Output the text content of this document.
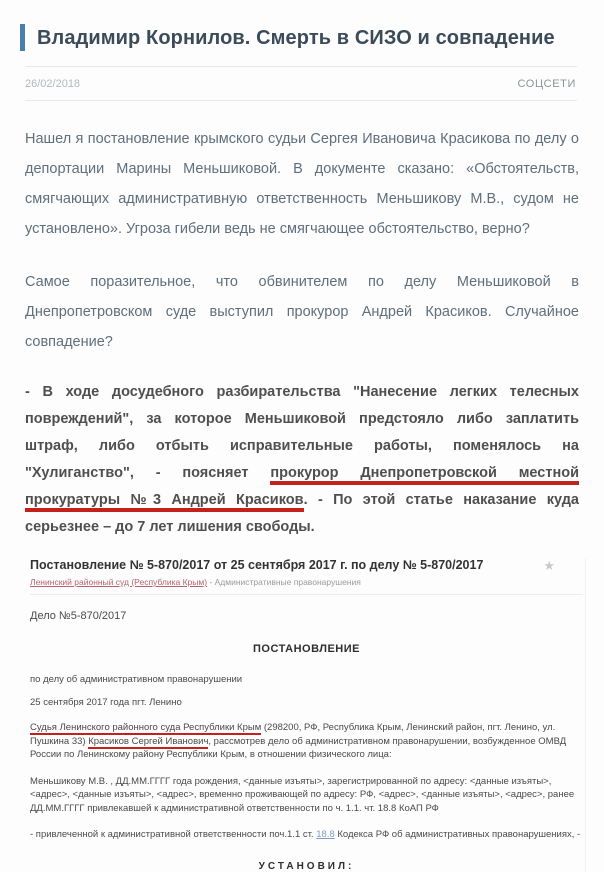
Владимир Корнилов. Смерть в СИЗО и совпадение
26/02/2018	СОЦСЕТИ

Нашел я постановление крымского судьи Сергея Ивановича Красикова по делу о депортации Марины Меньшиковой. В документе сказано: «Обстоятельств, смягчающих административную ответственность Меньшикову М.В., судом не установлено». Угроза гибели ведь не смягчающее обстоятельство, верно?

Самое поразительное, что обвинителем по делу Меньшиковой в Днепропетровском суде выступил прокурор Андрей Красиков. Случайное совпадение?

- В ходе досудебного разбирательства "Нанесение легких телесных повреждений", за которое Меньшиковой предстояло либо заплатить штраф, либо отбыть исправительные работы, поменялось на "Хулиганство", - поясняет прокурор Днепропетровской местной прокуратуры №3 Андрей Красиков. - По этой статье наказание куда серьезнее – до 7 лет лишения свободы.
Постановление № 5-870/2017 от 25 сентября 2017 г. по делу № 5-870/2017	★
Ленинский районный суд (Республика Крым) - Административные правонарушения
Дело №5-870/2017
ПОСТАНОВЛЕНИЕ
по делу об административном правонарушении
25 сентября 2017 года пгт. Ленино
Судья Ленинского районного суда Республики Крым (298200, РФ, Республика Крым, Ленинский район, пгт. Ленино, ул. Пушкина 33) Красиков Сергей Иванович, рассмотрев дело об административном правонарушении, возбужденное ОМВД России по Ленинскому району Республики Крым, в отношении физического лица:
Меньшикову М.В. , ДД.ММ.ГГГГ года рождения, <данные изъяты>, зарегистрированной по адресу: <данные изъяты>, <адрес>, <данные изъяты>, <адрес>, временно проживающей по адресу: РФ, <адрес>, <данные изъяты>, <адрес>, ранее ДД.ММ.ГГГГ привлекавшей к административной ответственности по ч. 1.1. чт. 18.8 КоАП РФ
- привлеченной к административной ответственности поч.1.1 ст. 18.8 Кодекса РФ об административных правонарушениях, -
УСТАНОВИЛ:
